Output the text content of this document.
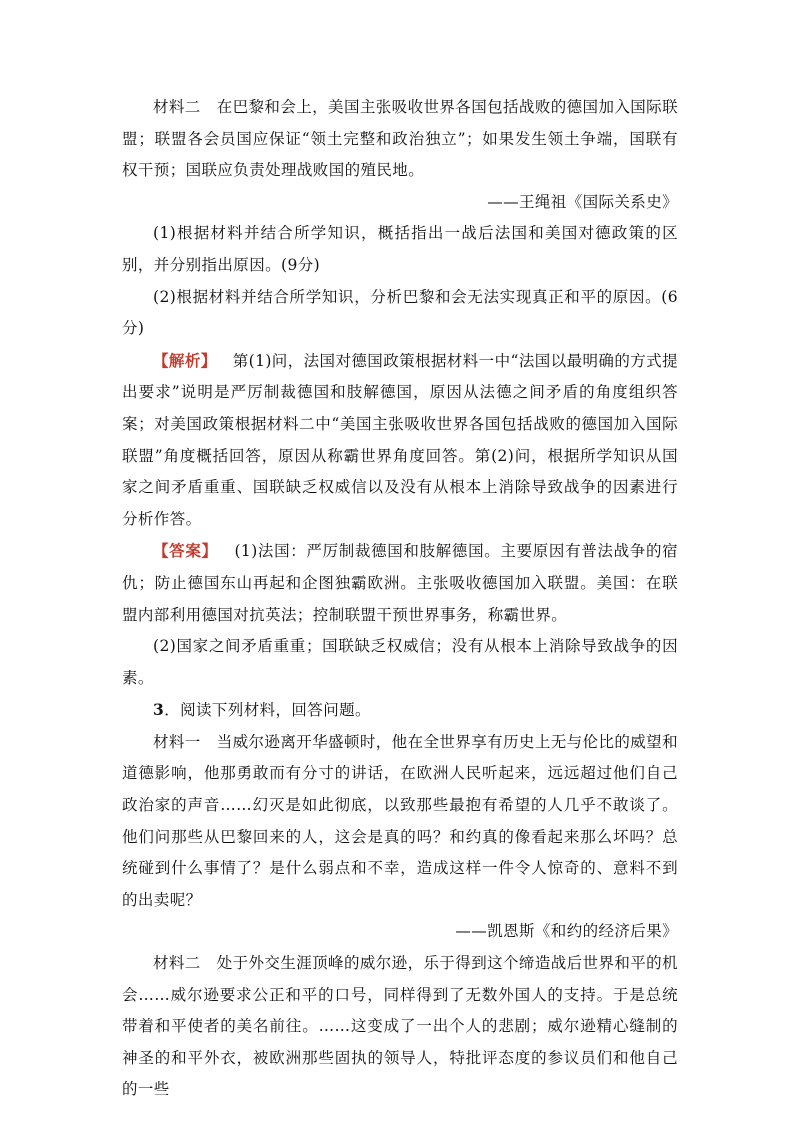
材料二 在巴黎和会上，美国主张吸收世界各国包括战败的德国加入国际联盟；联盟各会员国应保证“领土完整和政治独立”；如果发生领土争端，国联有权干预；国联应负责处理战败国的殖民地。

——王绳祖《国际关系史》

(1)根据材料并结合所学知识，概括指出一战后法国和美国对德政策的区别，并分别指出原因。(9分)

(2)根据材料并结合所学知识，分析巴黎和会无法实现真正和平的原因。(6分)

【解析】 第(1)问，法国对德国政策根据材料一中“法国以最明确的方式提出要求”说明是严厉制裁德国和肢解德国，原因从法德之间矛盾的角度组织答案；对美国政策根据材料二中“美国主张吸收世界各国包括战败的德国加入国际联盟”角度概括回答，原因从称霸世界角度回答。第(2)问，根据所学知识从国家之间矛盾重重、国联缺乏权威信以及没有从根本上消除导致战争的因素进行分析作答。

【答案】 (1)法国：严厉制裁德国和肢解德国。主要原因有普法战争的宿仇；防止德国东山再起和企图独霸欧洲。主张吸收德国加入联盟。美国：在联盟内部利用德国对抗英法；控制联盟干预世界事务，称霸世界。

(2)国家之间矛盾重重；国联缺乏权威信；没有从根本上消除导致战争的因素。

3．阅读下列材料，回答问题。

材料一 当威尔逊离开华盛顿时，他在全世界享有历史上无与伦比的威望和道德影响，他那勇敢而有分寸的讲话，在欧洲人民听起来，远远超过他们自己政治家的声音……幻灭是如此彻底，以致那些最抱有希望的人几乎不敢谈了。他们问那些从巴黎回来的人，这会是真的吗？和约真的像看起来那么坏吗？总统碰到什么事情了？是什么弱点和不幸，造成这样一件令人惊奇的、意料不到的出卖呢？

——凯恩斯《和约的经济后果》

材料二 处于外交生涯顶峰的威尔逊，乐于得到这个缔造战后世界和平的机会……威尔逊要求公正和平的口号，同样得到了无数外国人的支持。于是总统带着和平使者的美名前往。……这变成了一出个人的悲剧；威尔逊精心缝制的神圣的和平外衣，被欧洲那些固执的领导人，特批评态度的参议员们和他自己的一些
